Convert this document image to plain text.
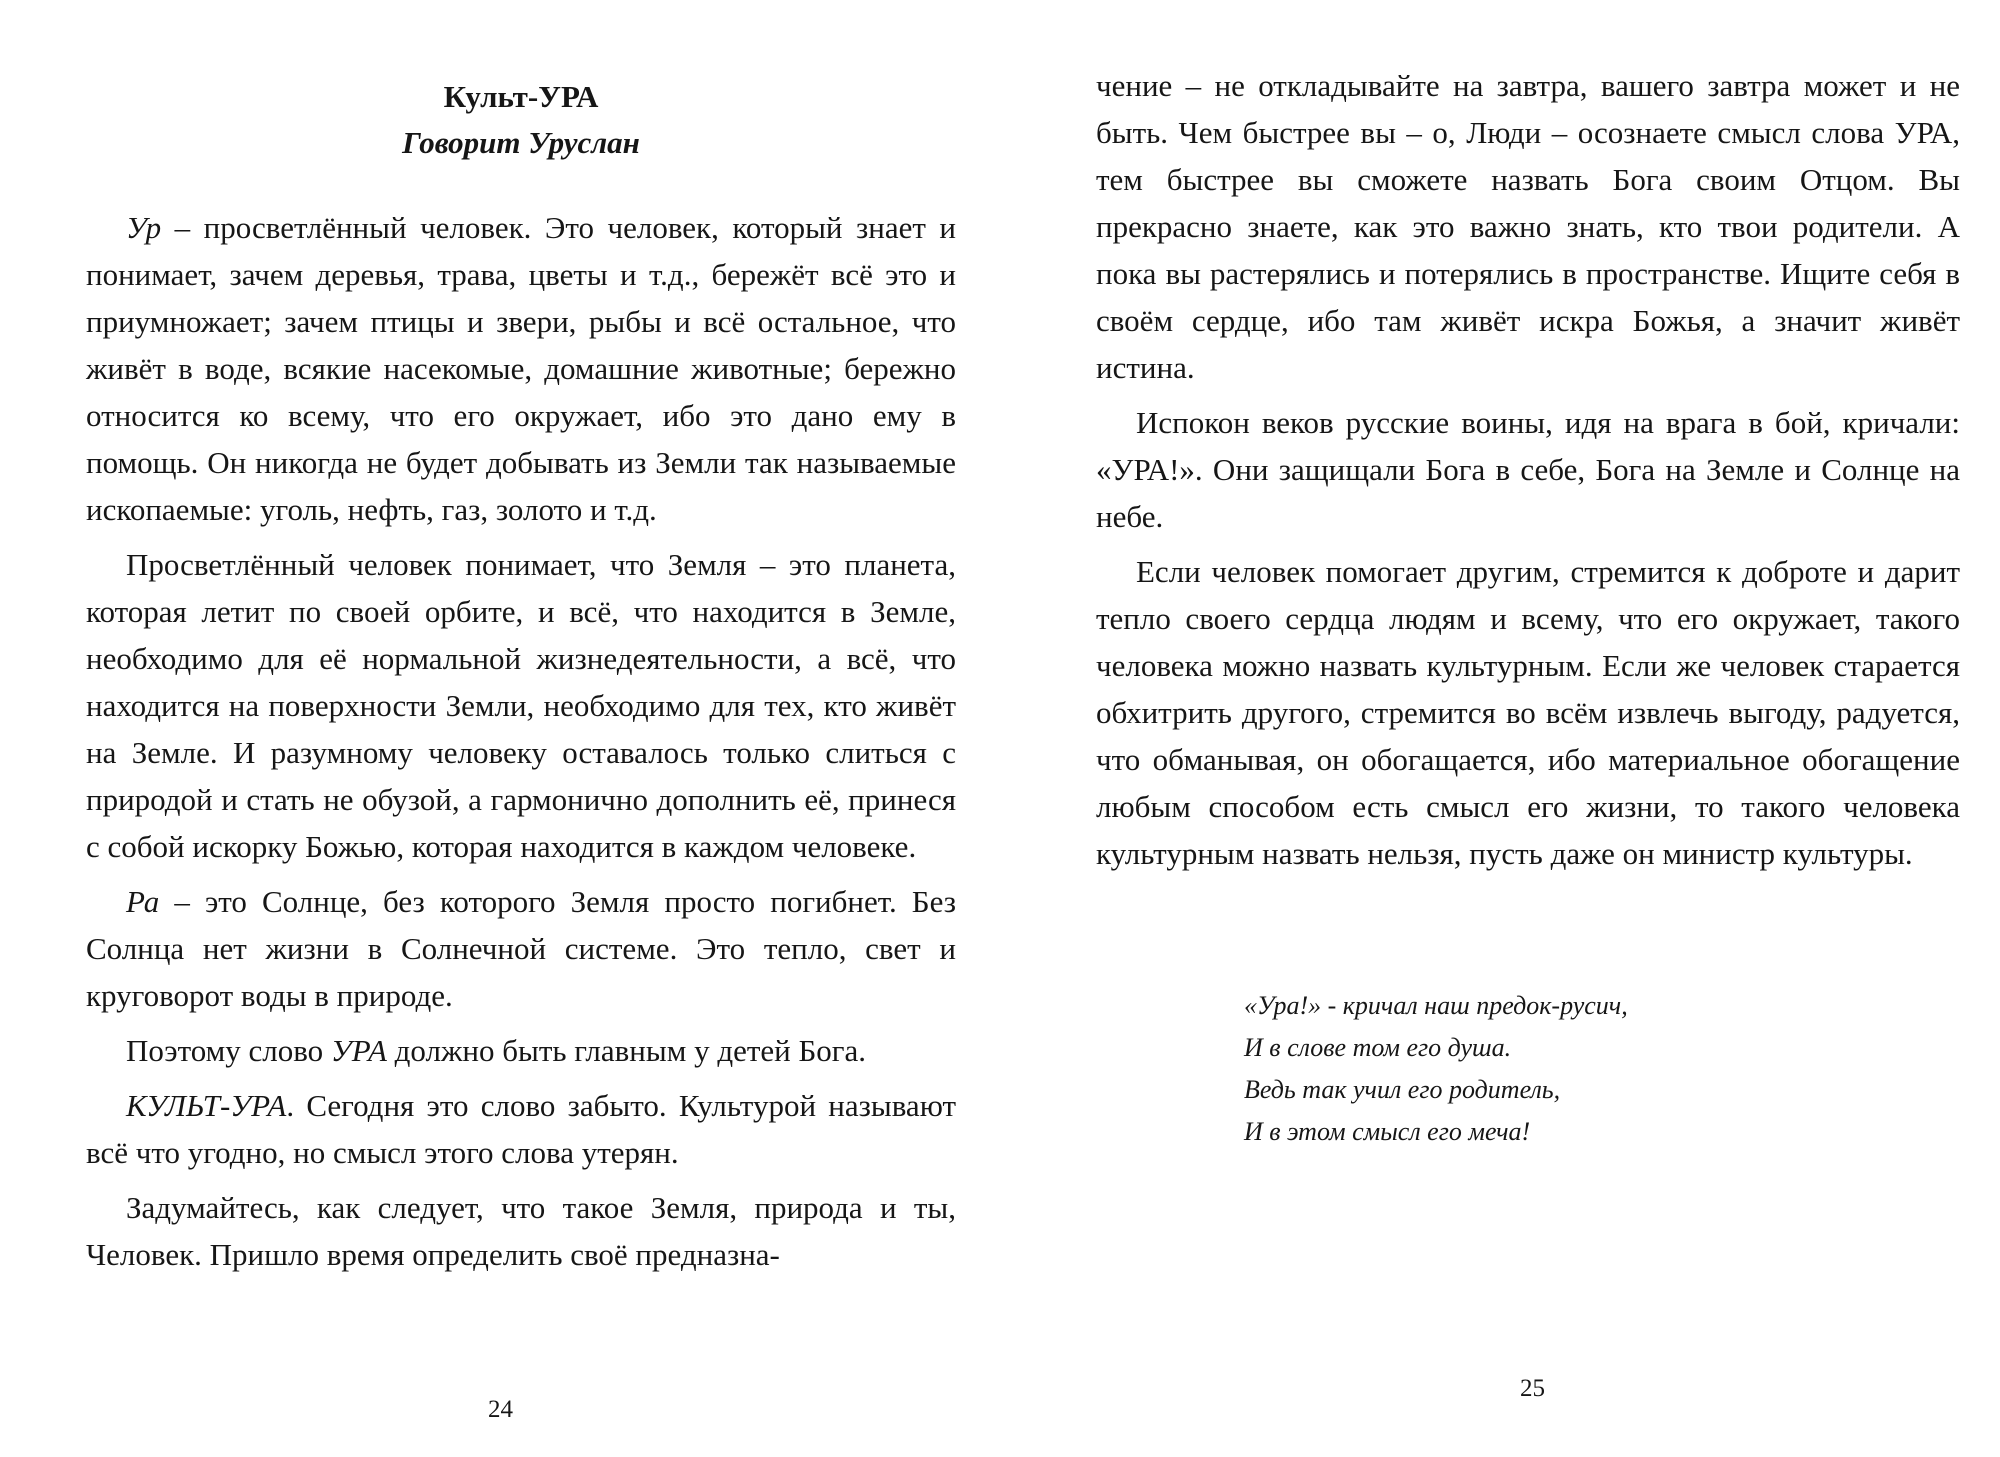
Культ-УРА
Говорит Уруслан

Ур – просветлённый человек. Это человек, который знает и понимает, зачем деревья, трава, цветы и т.д., бережёт всё это и приумножает; зачем птицы и звери, рыбы и всё остальное, что живёт в воде, всякие насекомые, домашние животные; бережно относится ко всему, что его окружает, ибо это дано ему в помощь. Он никогда не будет добывать из Земли так называемые ископаемые: уголь, нефть, газ, золото и т.д.

Просветлённый человек понимает, что Земля – это планета, которая летит по своей орбите, и всё, что находится в Земле, необходимо для её нормальной жизнедеятельности, а всё, что находится на поверхности Земли, необходимо для тех, кто живёт на Земле. И разумному человеку оставалось только слиться с природой и стать не обузой, а гармонично дополнить её, принеся с собой искорку Божью, которая находится в каждом человеке.

Ра – это Солнце, без которого Земля просто погибнет. Без Солнца нет жизни в Солнечной системе. Это тепло, свет и круговорот воды в природе.

Поэтому слово УРА должно быть главным у детей Бога.

КУЛЬТ-УРА. Сегодня это слово забыто. Культурой называют всё что угодно, но смысл этого слова утерян.

Задумайтесь, как следует, что такое Земля, природа и ты, Человек. Пришло время определить своё предназна-

24

чение – не откладывайте на завтра, вашего завтра может и не быть. Чем быстрее вы – о, Люди – осознаете смысл слова УРА, тем быстрее вы сможете назвать Бога своим Отцом. Вы прекрасно знаете, как это важно знать, кто твои родители. А пока вы растерялись и потерялись в пространстве. Ищите себя в своём сердце, ибо там живёт искра Божья, а значит живёт истина.

Испокон веков русские воины, идя на врага в бой, кричали: «УРА!». Они защищали Бога в себе, Бога на Земле и Солнце на небе.

Если человек помогает другим, стремится к доброте и дарит тепло своего сердца людям и всему, что его окружает, такого человека можно назвать культурным. Если же человек старается обхитрить другого, стремится во всём извлечь выгоду, радуется, что обманывая, он обогащается, ибо материальное обогащение любым способом есть смысл его жизни, то такого человека культурным назвать нельзя, пусть даже он министр культуры.

«Ура!» - кричал наш предок-русич,
И в слове том его душа.
Ведь так учил его родитель,
И в этом смысл его меча!
25
